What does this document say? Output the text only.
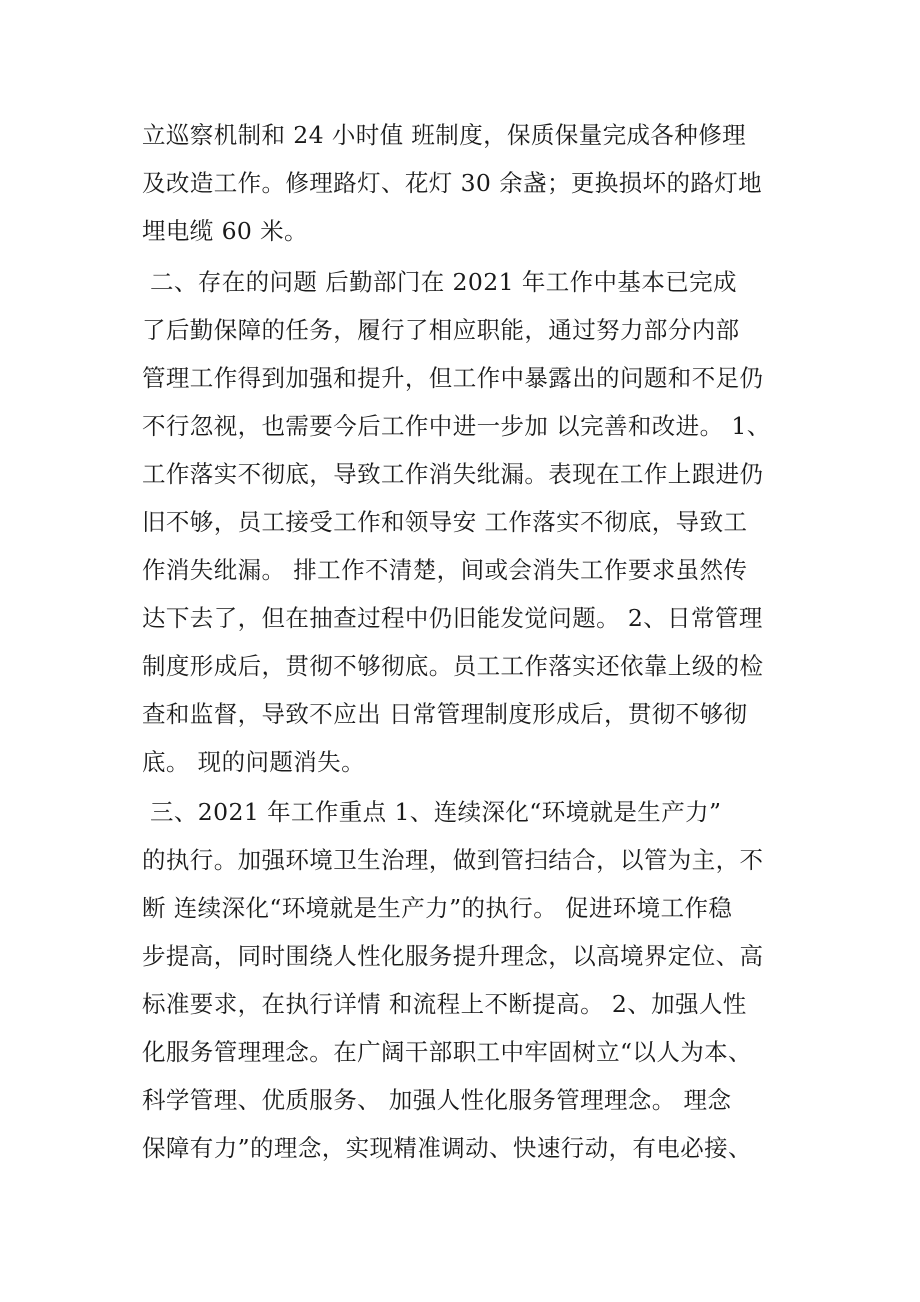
立巡察机制和 24 小时值 班制度，保质保量完成各种修理
及改造工作。修理路灯、花灯 30 余盏；更换损坏的路灯地
埋电缆 60 米。
二、存在的问题 后勤部门在 2021 年工作中基本已完成
了后勤保障的任务，履行了相应职能，通过努力部分内部
管理工作得到加强和提升，但工作中暴露出的问题和不足仍
不行忽视，也需要今后工作中进一步加 以完善和改进。 1、
工作落实不彻底，导致工作消失纰漏。表现在工作上跟进仍
旧不够，员工接受工作和领导安 工作落实不彻底，导致工
作消失纰漏。 排工作不清楚，间或会消失工作要求虽然传
达下去了，但在抽查过程中仍旧能发觉问题。 2、日常管理
制度形成后，贯彻不够彻底。员工工作落实还依靠上级的检
查和监督，导致不应出 日常管理制度形成后，贯彻不够彻
底。 现的问题消失。
三、2021 年工作重点 1、连续深化“环境就是生产力”
的执行。加强环境卫生治理，做到管扫结合，以管为主，不
断 连续深化“环境就是生产力”的执行。 促进环境工作稳
步提高，同时围绕人性化服务提升理念，以高境界定位、高
标准要求，在执行详情 和流程上不断提高。 2、加强人性
化服务管理理念。在广阔干部职工中牢固树立“以人为本、
科学管理、优质服务、 加强人性化服务管理理念。 理念
保障有力”的理念，实现精准调动、快速行动，有电必接、
